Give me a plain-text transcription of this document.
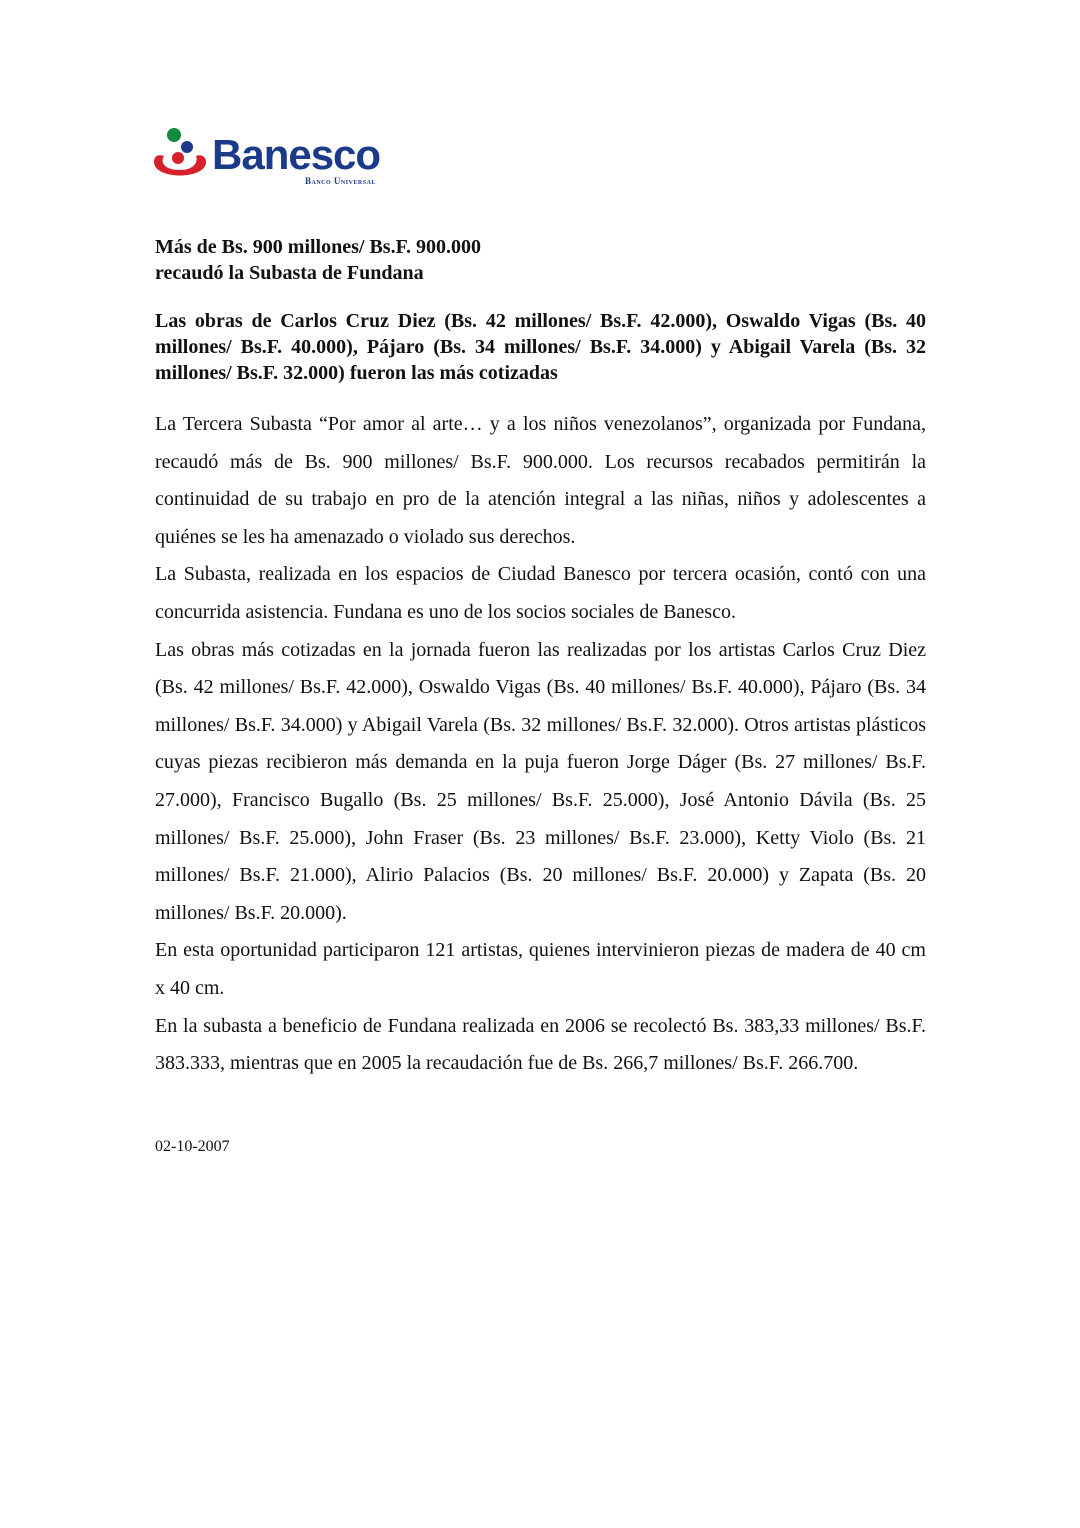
Banesco
Banco Universal
Más de Bs. 900 millones/ Bs.F. 900.000
recaudó la Subasta de Fundana

Las obras de Carlos Cruz Diez (Bs. 42 millones/ Bs.F. 42.000), Oswaldo Vigas (Bs. 40 millones/ Bs.F. 40.000), Pájaro (Bs. 34 millones/ Bs.F. 34.000) y Abigail Varela (Bs. 32 millones/ Bs.F. 32.000) fueron las más cotizadas

La Tercera Subasta “Por amor al arte… y a los niños venezolanos”, organizada por Fundana, recaudó más de Bs. 900 millones/ Bs.F. 900.000. Los recursos recabados permitirán la continuidad de su trabajo en pro de la atención integral a las niñas, niños y adolescentes a quiénes se les ha amenazado o violado sus derechos.

La Subasta, realizada en los espacios de Ciudad Banesco por tercera ocasión, contó con una concurrida asistencia. Fundana es uno de los socios sociales de Banesco.

Las obras más cotizadas en la jornada fueron las realizadas por los artistas Carlos Cruz Diez (Bs. 42 millones/ Bs.F. 42.000), Oswaldo Vigas (Bs. 40 millones/ Bs.F. 40.000), Pájaro (Bs. 34 millones/ Bs.F. 34.000) y Abigail Varela (Bs. 32 millones/ Bs.F. 32.000). Otros artistas plásticos cuyas piezas recibieron más demanda en la puja fueron Jorge Dáger (Bs. 27 millones/ Bs.F. 27.000), Francisco Bugallo (Bs. 25 millones/ Bs.F. 25.000), José Antonio Dávila (Bs. 25 millones/ Bs.F. 25.000), John Fraser (Bs. 23 millones/ Bs.F. 23.000), Ketty Violo (Bs. 21 millones/ Bs.F. 21.000), Alirio Palacios (Bs. 20 millones/ Bs.F. 20.000) y Zapata (Bs. 20 millones/ Bs.F. 20.000).

En esta oportunidad participaron 121 artistas, quienes intervinieron piezas de madera de 40 cm x 40 cm.

En la subasta a beneficio de Fundana realizada en 2006 se recolectó Bs. 383,33 millones/ Bs.F. 383.333, mientras que en 2005 la recaudación fue de Bs. 266,7 millones/ Bs.F. 266.700.

02-10-2007
